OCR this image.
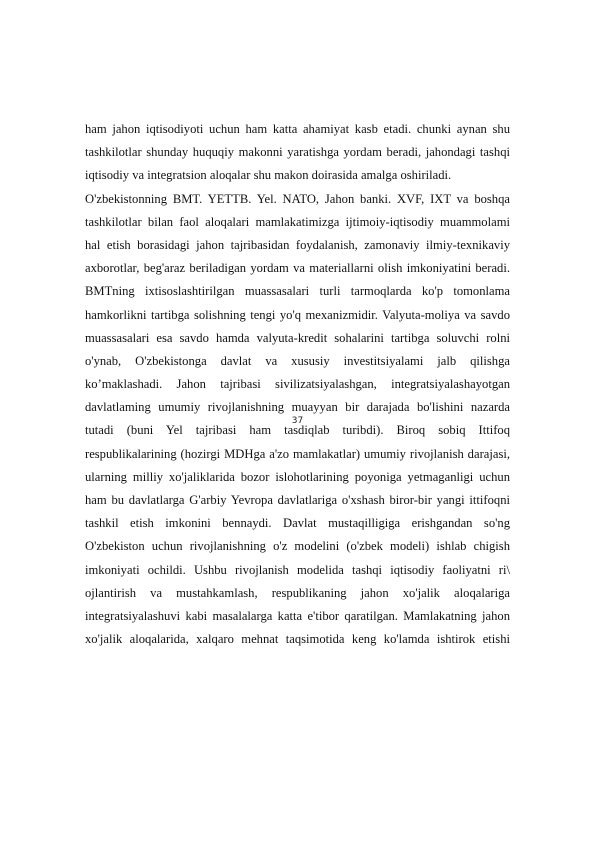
ham jahon iqtisodiyoti uchun ham katta ahamiyat kasb etadi. chunki aynan shu
tashkilotlar shunday huquqiy makonni yaratishga yordam beradi, jahondagi tashqi
iqtisodiy va integratsion aloqalar shu makon doirasida amalga oshiriladi.
O'zbekistonning BMT. YETTB. Yel. NATO, Jahon banki. XVF, IXT va boshqa
tashkilotlar bilan faol aloqalari mamlakatimizga ijtimoiy-iqtisodiy muammolami
hal etish borasidagi jahon tajribasidan foydalanish, zamonaviy ilmiy-texnikaviy
axborotlar, beg'araz beriladigan yordam va materiallarni olish imkoniyatini beradi.
BMTning ixtisoslashtirilgan muassasalari turli tarmoqlarda ko'p tomonlama
hamkorlikni tartibga solishning tengi yo'q mexanizmidir. Valyuta-moliya va savdo
muassasalari esa savdo hamda valyuta-kredit sohalarini tartibga soluvchi rolni
o'ynab, O'zbekistonga davlat va xususiy investitsiyalami jalb qilishga
ko’maklashadi. Jahon tajribasi sivilizatsiyalashgan, integratsiyalashayotgan
davlatlaming umumiy rivojlanishning muayyan bir darajada bo'lishini nazarda
tutadi (buni Yel tajribasi ham tasdiqlab turibdi). Biroq sobiq Ittifoq
respublikalarining (hozirgi MDHga a'zo mamlakatlar) umumiy rivojlanish darajasi,
ularning milliy xo'jaliklarida bozor islohotlarining poyoniga yetmaganligi uchun
ham bu davlatlarga G'arbiy Yevropa davlatlariga o'xshash biror-bir yangi ittifoqni
tashkil etish imkonini bennaydi. Davlat mustaqilligiga erishgandan so'ng
O'zbekiston uchun rivojlanishning o'z modelini (o'zbek modeli) ishlab chigish
imkoniyati ochildi. Ushbu rivojlanish modelida tashqi iqtisodiy faoliyatni ri\
ojlantirish va mustahkamlash, respublikaning jahon xo'jalik aloqalariga
integratsiyalashuvi kabi masalalarga katta e'tibor qaratilgan. Mamlakatning jahon
xo'jalik aloqalarida, xalqaro mehnat taqsimotida keng ko'lamda ishtirok etishi
37
